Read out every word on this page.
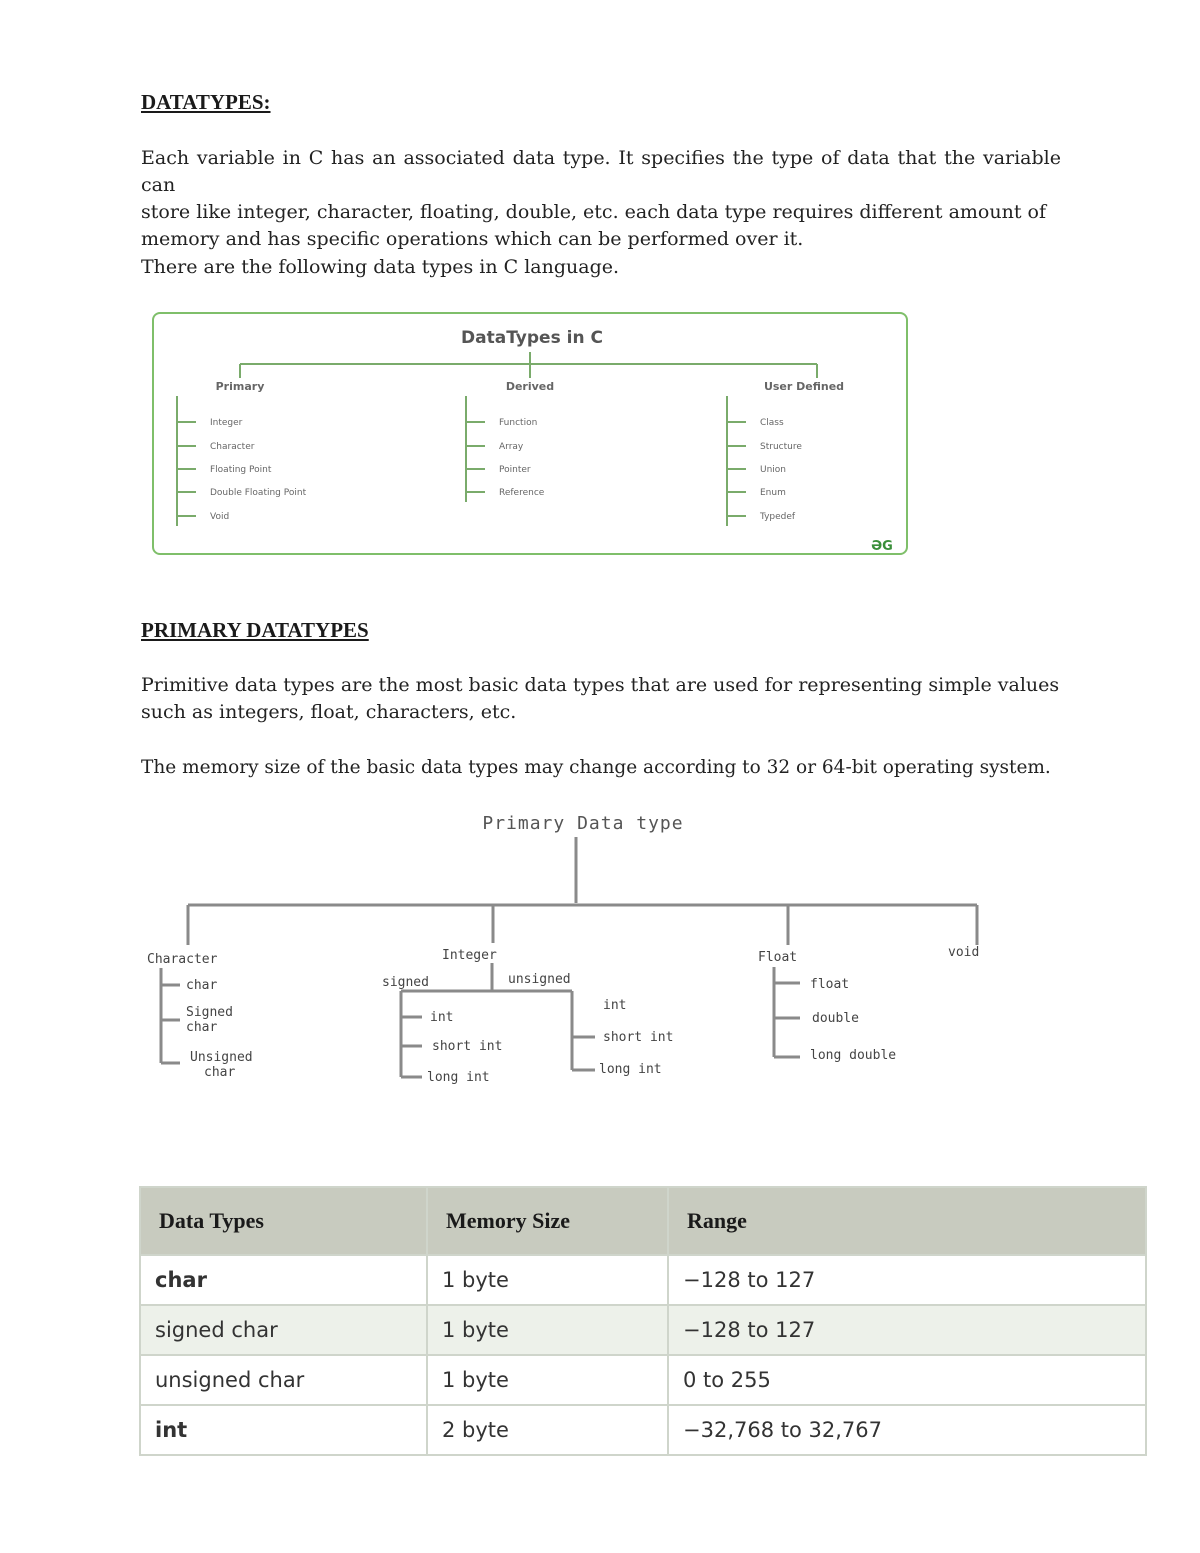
DATATYPES:

Each variable in C has an associated data type. It specifies the type of data that the variable can
store like integer, character, floating, double, etc. each data type requires different amount of
memory and has specific operations which can be performed over it.

There are the following data types in C language.

DataTypes in C
Primary	Derived	User Defined
Integer
Character
Floating Point
Double Floating Point
Void
Function
Array
Pointer
Reference
Class
Structure
Union
Enum
Typedef
ƏG
PRIMARY DATATYPES

Primitive data types are the most basic data types that are used for representing simple values
such as integers, float, characters, etc.

The memory size of the basic data types may change according to 32 or 64-bit operating system.

Primary Data type
Character
char
Signed
char
Unsigned
char
Integer
signed	unsigned
int
short int
long int
int
short int
long int
Float
float
double
long double
void
Data Types	Memory Size	Range
char	1 byte	−128 to 127
signed char	1 byte	−128 to 127
unsigned char	1 byte	0 to 255
int	2 byte	−32,768 to 32,767
